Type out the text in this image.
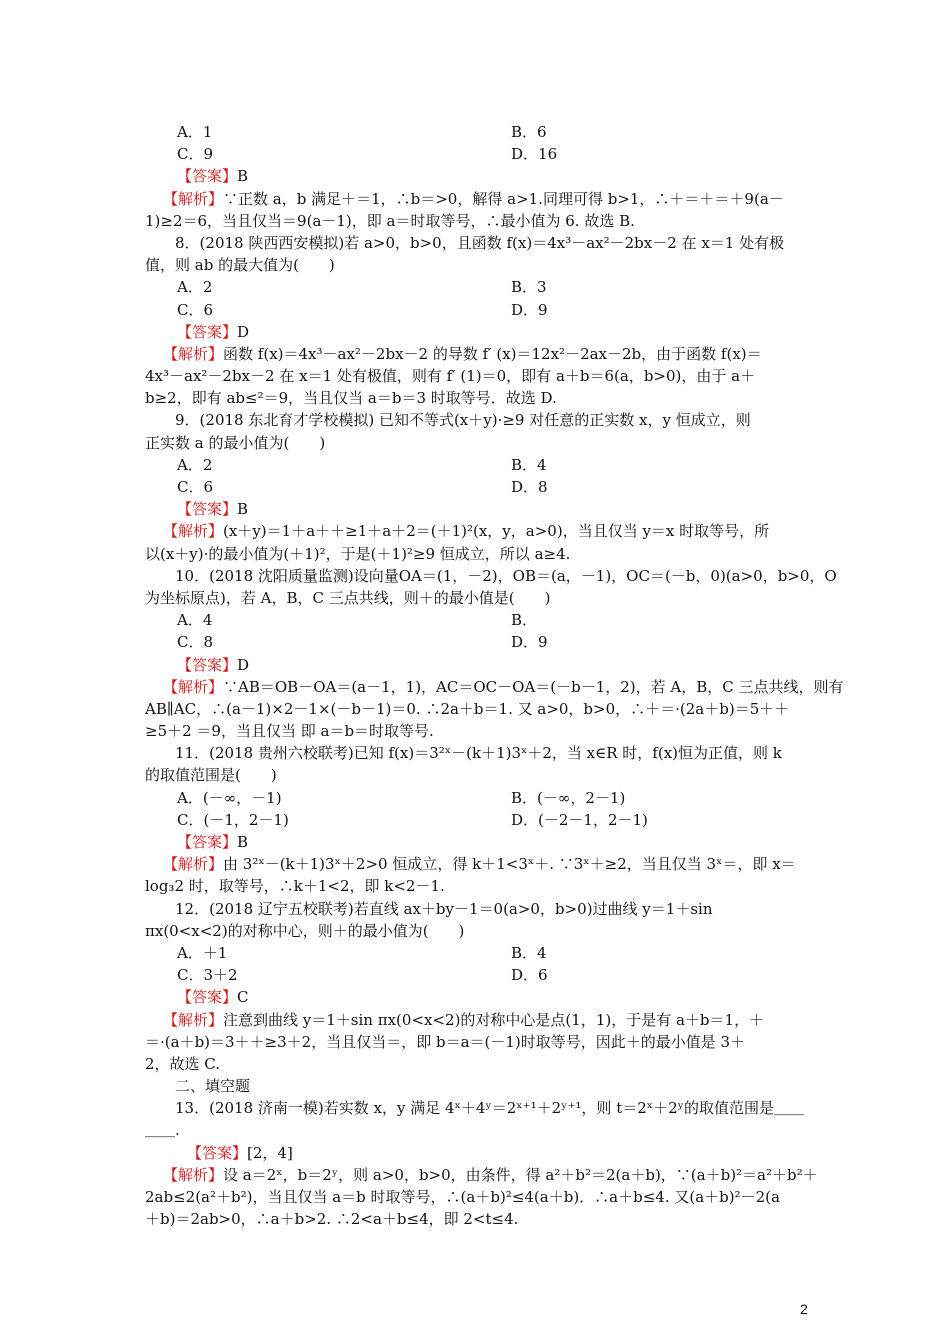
A．1	B．6
C．9	D．16
【答案】B
【解析】∵正数 a，b 满足＋＝1，∴b＝>0，解得 a>1.同理可得 b>1，∴＋＝＋＝＋9(a－
1)≥2＝6，当且仅当＝9(a－1)，即 a＝时取等号，∴最小值为 6. 故选 B.
8．(2018 陕西西安模拟)若 a>0，b>0，且函数 f(x)＝4x³－ax²－2bx－2 在 x＝1 处有极
值，则 ab 的最大值为(　　)
A．2	B．3
C．6	D．9
【答案】D
【解析】函数 f(x)＝4x³－ax²－2bx－2 的导数 f′ (x)＝12x²－2ax－2b，由于函数 f(x)＝
4x³－ax²－2bx－2 在 x＝1 处有极值，则有 f′ (1)＝0，即有 a＋b＝6(a，b>0)，由于 a＋
b≥2，即有 ab≤²＝9，当且仅当 a＝b＝3 时取等号．故选 D.
9．(2018 东北育才学校模拟) 已知不等式(x＋y)·≥9 对任意的正实数 x，y 恒成立，则
正实数 a 的最小值为(　　)
A．2	B．4
C．6	D．8
【答案】B
【解析】(x＋y)＝1＋a＋＋≥1＋a＋2＝(＋1)²(x，y，a>0)，当且仅当 y＝x 时取等号，所
以(x＋y)·的最小值为(＋1)²，于是(＋1)²≥9 恒成立，所以 a≥4.
10．(2018 沈阳质量监测)设向量OA＝(1，－2)，OB＝(a，－1)，OC＝(－b，0)(a>0，b>0，O
为坐标原点)，若 A，B，C 三点共线，则＋的最小值是(　　)
A．4	B．
C．8	D．9
【答案】D
【解析】∵AB＝OB－OA＝(a－1，1)，AC＝OC－OA＝(－b－1，2)，若 A，B，C 三点共线，则有
AB∥AC，∴(a－1)×2－1×(－b－1)＝0. ∴2a＋b＝1. 又 a>0，b>0，∴＋＝·(2a＋b)＝5＋＋
≥5＋2 ＝9，当且仅当 即 a＝b＝时取等号.
11．(2018 贵州六校联考)已知 f(x)＝3²ˣ－(k＋1)3ˣ＋2，当 x∈R 时，f(x)恒为正值，则 k
的取值范围是(　　)
A．(－∞，－1)	B．(－∞，2－1)
C．(－1，2－1)	D．(－2－1，2－1)
【答案】B
【解析】由 3²ˣ－(k＋1)3ˣ＋2>0 恒成立，得 k＋1<3ˣ＋. ∵3ˣ＋≥2，当且仅当 3ˣ＝，即 x＝
log₃2 时，取等号，∴k＋1<2，即 k<2－1.
12．(2018 辽宁五校联考)若直线 ax＋by－1＝0(a>0，b>0)过曲线 y＝1＋sin
πx(0<x<2)的对称中心，则＋的最小值为(　　)
A．＋1	B．4
C．3＋2	D．6
【答案】C
【解析】注意到曲线 y＝1＋sin πx(0<x<2)的对称中心是点(1，1)，于是有 a＋b＝1，＋
＝·(a＋b)＝3＋＋≥3＋2，当且仅当＝，即 b＝a＝(－1)时取等号，因此＋的最小值是 3＋
2，故选 C.
二、填空题
13．(2018 济南一模)若实数 x，y 满足 4ˣ＋4ʸ＝2ˣ⁺¹＋2ʸ⁺¹，则 t＝2ˣ＋2ʸ的取值范围是＿＿
＿＿.
【答案】[2，4]
【解析】设 a＝2ˣ，b＝2ʸ，则 a>0，b>0，由条件，得 a²＋b²＝2(a＋b)，∵(a＋b)²＝a²＋b²＋
2ab≤2(a²＋b²)，当且仅当 a＝b 时取等号，∴(a＋b)²≤4(a＋b)．∴a＋b≤4. 又(a＋b)²－2(a
＋b)＝2ab>0，∴a＋b>2. ∴2<a＋b≤4，即 2<t≤4.
2
